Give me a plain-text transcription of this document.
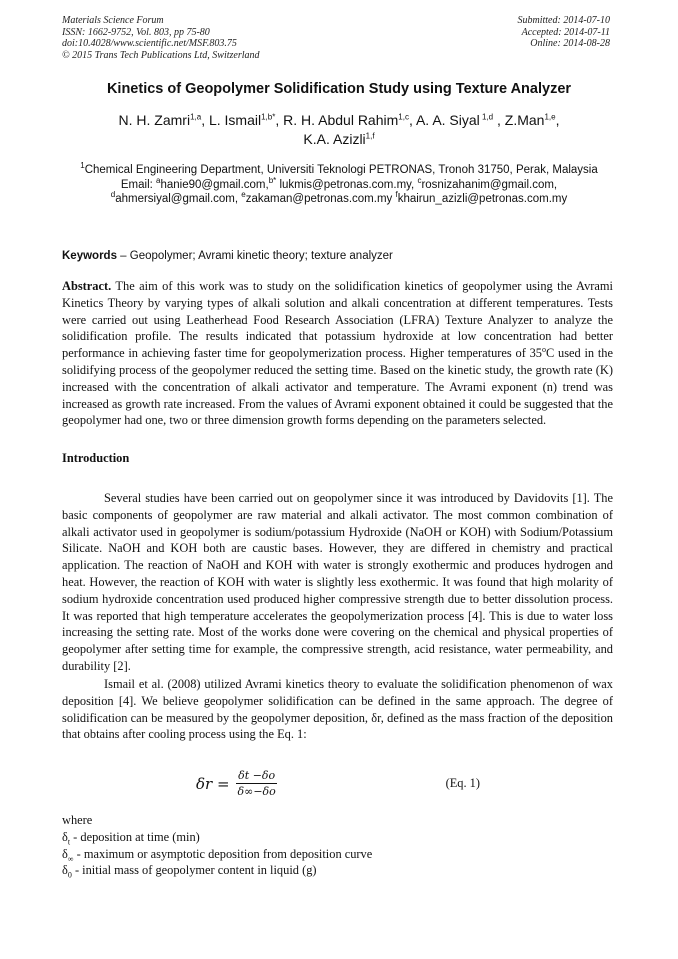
Materials Science Forum
ISSN: 1662-9752, Vol. 803, pp 75-80
doi:10.4028/www.scientific.net/MSF.803.75
© 2015 Trans Tech Publications Ltd, Switzerland
Submitted: 2014-07-10
Accepted: 2014-07-11
Online: 2014-08-28
Kinetics of Geopolymer Solidification Study using Texture Analyzer
N. H. Zamri$^{1,a}$, L. Ismail$^{1,b*}$, R. H. Abdul Rahim$^{1,c}$, A. A. Siyal $^{1,d}$ , Z.Man$^{1,e}$,
K.A. Azizli$^{1,f}$
$^1$Chemical Engineering Department, Universiti Teknologi PETRONAS, Tronoh 31750, Perak, Malaysia
Email: $^a$hanie90@gmail.com,$^{b*}$ lukmis@petronas.com.my, $^c$rosnizahanim@gmail.com,
$^d$ahmersiyal@gmail.com, $^e$zakaman@petronas.com.my $^f$khairun_azizli@petronas.com.my
Keywords – Geopolymer; Avrami kinetic theory; texture analyzer
Abstract. The aim of this work was to study on the solidification kinetics of geopolymer using the Avrami Kinetics Theory by varying types of alkali solution and alkali concentration at different temperatures. Tests were carried out using Leatherhead Food Research Association (LFRA) Texture Analyzer to analyze the solidification profile. The results indicated that potassium hydroxide at low concentration had better performance in achieving faster time for geopolymerization process. Higher temperatures of 35$^o$C used in the solidifying process of the geopolymer reduced the setting time. Based on the kinetic study, the growth rate (K) increased with the concentration of alkali activator and temperature. The Avrami exponent (n) trend was increased as growth rate increased. From the values of Avrami exponent obtained it could be suggested that the geopolymer had one, two or three dimension growth forms depending on the parameters selected.
Introduction
Several studies have been carried out on geopolymer since it was introduced by Davidovits [1]. The basic components of geopolymer are raw material and alkali activator. The most common combination of alkali activator used in geopolymer is sodium/potassium Hydroxide (NaOH or KOH) with Sodium/Potassium Silicate. NaOH and KOH both are caustic bases. However, they are differed in chemistry and practical application. The reaction of NaOH and KOH with water is strongly exothermic and produces hydrogen and heat. However, the reaction of KOH with water is slightly less exothermic. It was found that high molarity of sodium hydroxide concentration used produced higher compressive strength due to better dissolution process. It was reported that high temperature accelerates the geopolymerization process [4]. This is due to water loss increasing the setting rate. Most of the works done were covering on the chemical and physical properties of geopolymer after setting time for example, the compressive strength, acid resistance, water permeability, and durability [2].
Ismail et al. (2008) utilized Avrami kinetics theory to evaluate the solidification phenomenon of wax deposition [4]. We believe geopolymer solidification can be defined in the same approach. The degree of solidification can be measured by the geopolymer deposition, δr, defined as the mass fraction of the deposition that obtains after cooling process using the Eq. 1:
$\delta r = \frac{\delta t -\delta o}{\delta\infty-\delta o}$	(Eq. 1)
where
$\delta_t$ - deposition at time (min)
$\delta_\infty$ - maximum or asymptotic deposition from deposition curve
$\delta_0$ - initial mass of geopolymer content in liquid (g)
